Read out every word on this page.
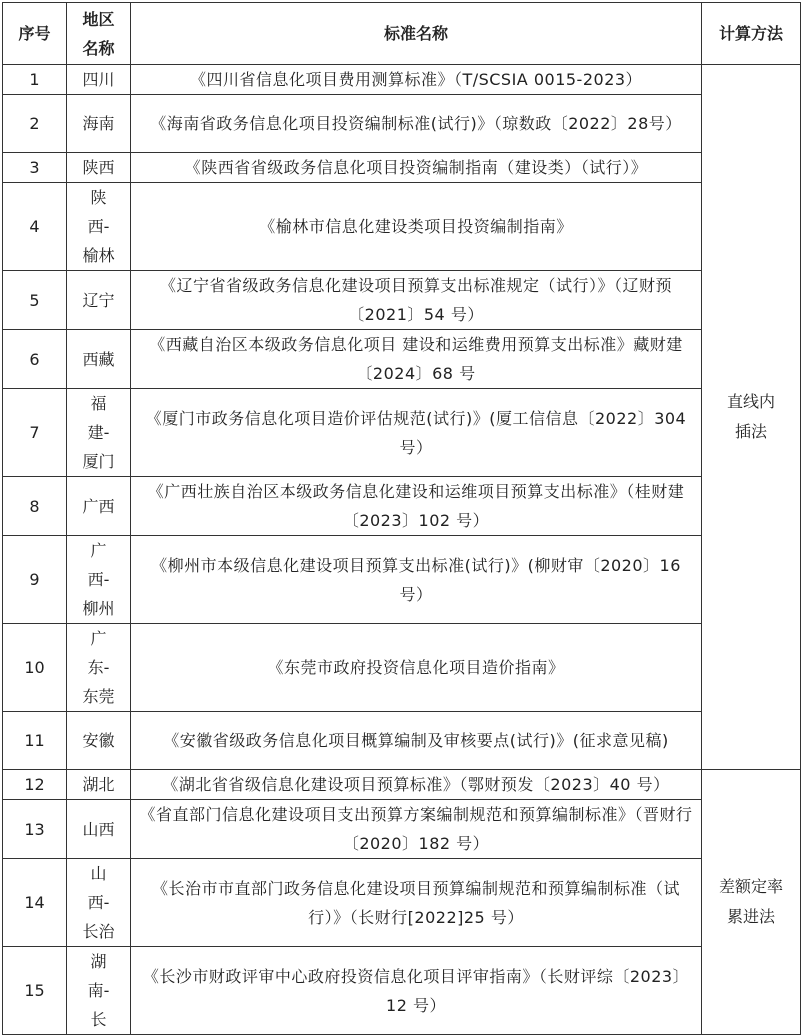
序号	地区名称	标准名称	计算方法
1	四川	《四川省信息化项目费用测算标准》（T/SCSIA 0015-2023）	直线内插法

2	海南	《海南省政务信息化项目投资编制标准(试行)》（琼数政〔2022〕28号）	
3	陕西	《陕西省省级政务信息化项目投资编制指南（建设类）（试行）》	
4	陕西-榆林	《榆林市信息化建设类项目投资编制指南》	
5	辽宁	《辽宁省省级政务信息化建设项目预算支出标准规定（试行）》（辽财预〔2021〕54 号）	
6	西藏	《西藏自治区本级政务信息化项目 建设和运维费用预算支出标准》藏财建〔2024〕68 号	
7	福建-厦门	《厦门市政务信息化项目造价评估规范(试行)》(厦工信信息〔2022〕304 号）	
8	广西	《广西壮族自治区本级政务信息化建设和运维项目预算支出标准》（桂财建〔2023〕102 号）	
9	广西-柳州	《柳州市本级信息化建设项目预算支出标准(试行)》(柳财审〔2020〕16 号）	
10	广东-东莞	《东莞市政府投资信息化项目造价指南》	
11	安徽	《安徽省级政务信息化项目概算编制及审核要点(试行)》(征求意见稿)	
12	湖北	《湖北省省级信息化建设项目预算标准》（鄂财预发〔2023〕40 号）	差额定率累进法

13	山西	《省直部门信息化建设项目支出预算方案编制规范和预算编制标准》（晋财行〔2020〕182 号）	
14	山西-长治	《长治市市直部门政务信息化建设项目预算编制规范和预算编制标准（试行）》（长财行[2022]25 号）	
15	湖南-长	《长沙市财政评审中心政府投资信息化项目评审指南》（长财评综〔2023〕12 号）	
